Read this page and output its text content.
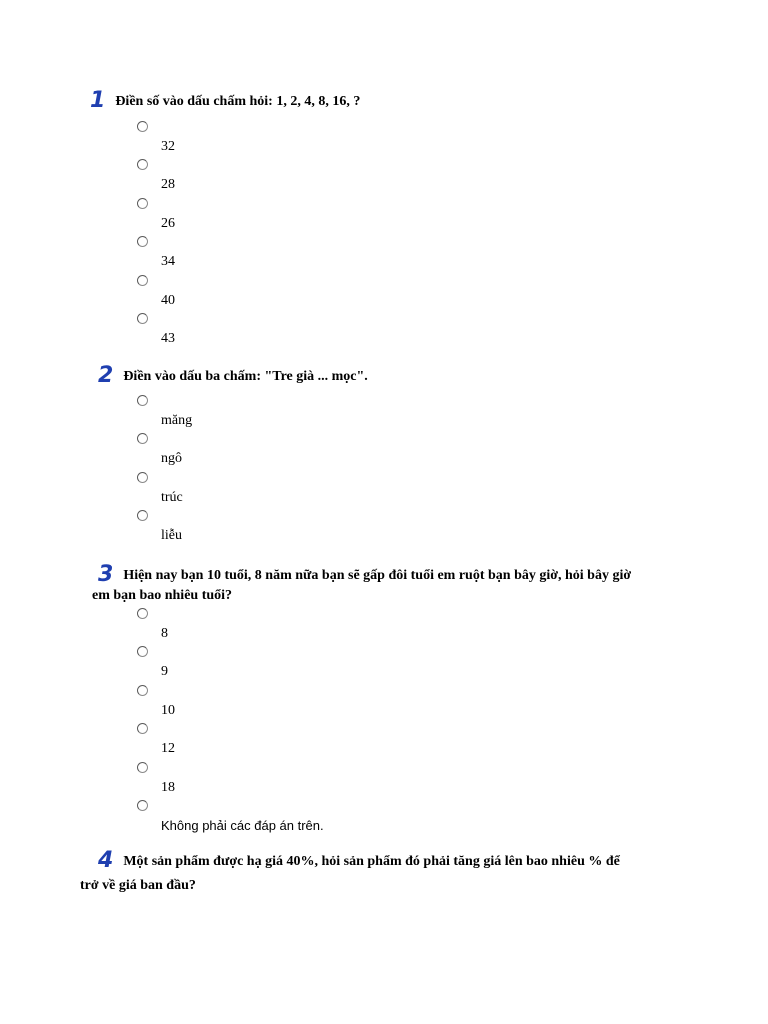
1 Điền số vào dấu chấm hỏi: 1, 2, 4, 8, 16, ?
32
28
26
34
40
43
2 Điền vào dấu ba chấm: "Tre già ... mọc".
măng
ngô
trúc
liễu
3 Hiện nay bạn 10 tuổi, 8 năm nữa bạn sẽ gấp đôi tuổi em ruột bạn bây giờ, hỏi bây giờ
em bạn bao nhiêu tuổi?
8
9
10
12
18
Không phải các đáp án trên.
4 Một sản phẩm được hạ giá 40%, hỏi sản phẩm đó phải tăng giá lên bao nhiêu % để
trở về giá ban đầu?
